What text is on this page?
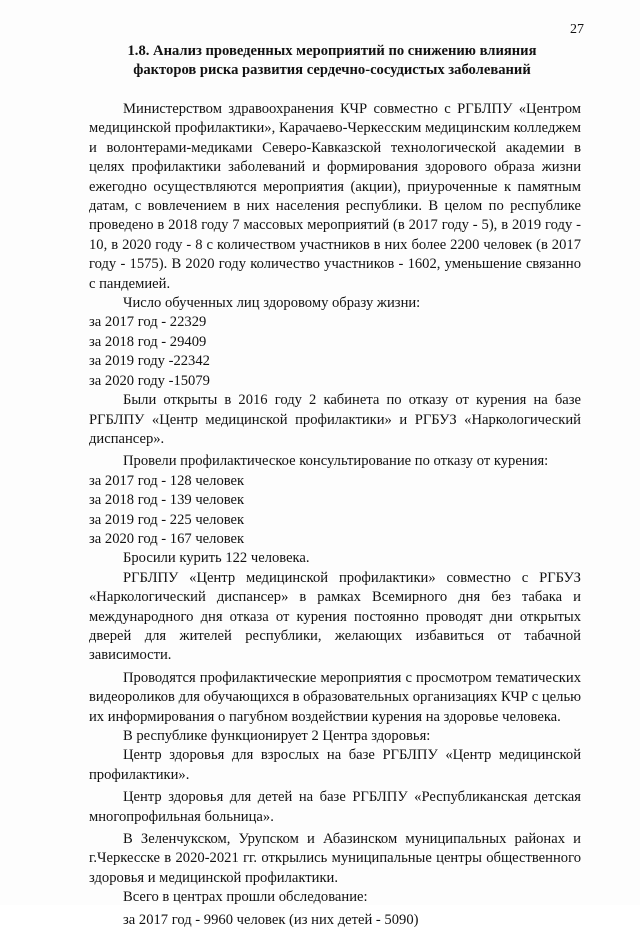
27
1.8. Анализ проведенных мероприятий по снижению влияния
факторов риска развития сердечно-сосудистых заболеваний

Министерством здравоохранения КЧР совместно с РГБЛПУ «Центром медицинской профилактики», Карачаево-Черкесским медицинским колледжем и волонтерами-медиками Северо-Кавказской технологической академии в целях профилактики заболеваний и формирования здорового образа жизни ежегодно осуществляются мероприятия (акции), приуроченные к памятным датам, с вовлечением в них населения республики. В целом по республике проведено в 2018 году 7 массовых мероприятий (в 2017 году - 5), в 2019 году - 10, в 2020 году - 8 с количеством участников в них более 2200 человек (в 2017 году - 1575). В 2020 году количество участников - 1602, уменьшение связанно с пандемией.

Число обученных лиц здоровому образу жизни:

за 2017 год - 22329

за 2018 год - 29409

за 2019 году -22342

за 2020 году -15079

Были открыты в 2016 году 2 кабинета по отказу от курения на базе РГБЛПУ «Центр медицинской профилактики» и РГБУЗ «Наркологический диспансер».

Провели профилактическое консультирование по отказу от курения:

за 2017 год - 128 человек

за 2018 год - 139 человек

за 2019 год - 225 человек

за 2020 год - 167 человек

Бросили курить 122 человека.

РГБЛПУ «Центр медицинской профилактики» совместно с РГБУЗ «Наркологический диспансер» в рамках Всемирного дня без табака и международного дня отказа от курения постоянно проводят дни открытых дверей для жителей республики, желающих избавиться от табачной зависимости.

Проводятся профилактические мероприятия с просмотром тематических видеороликов для обучающихся в образовательных организациях КЧР с целью их информирования о пагубном воздействии курения на здоровье человека.

В республике функционирует 2 Центра здоровья:

Центр здоровья для взрослых на базе РГБЛПУ «Центр медицинской профилактики».

Центр здоровья для детей на базе РГБЛПУ «Республиканская детская многопрофильная больница».

В Зеленчукском, Урупском и Абазинском муниципальных районах и г.Черкесске в 2020-2021 гг. открылись муниципальные центры общественного здоровья и медицинской профилактики.

Всего в центрах прошли обследование:

за 2017 год - 9960 человек (из них детей - 5090)
